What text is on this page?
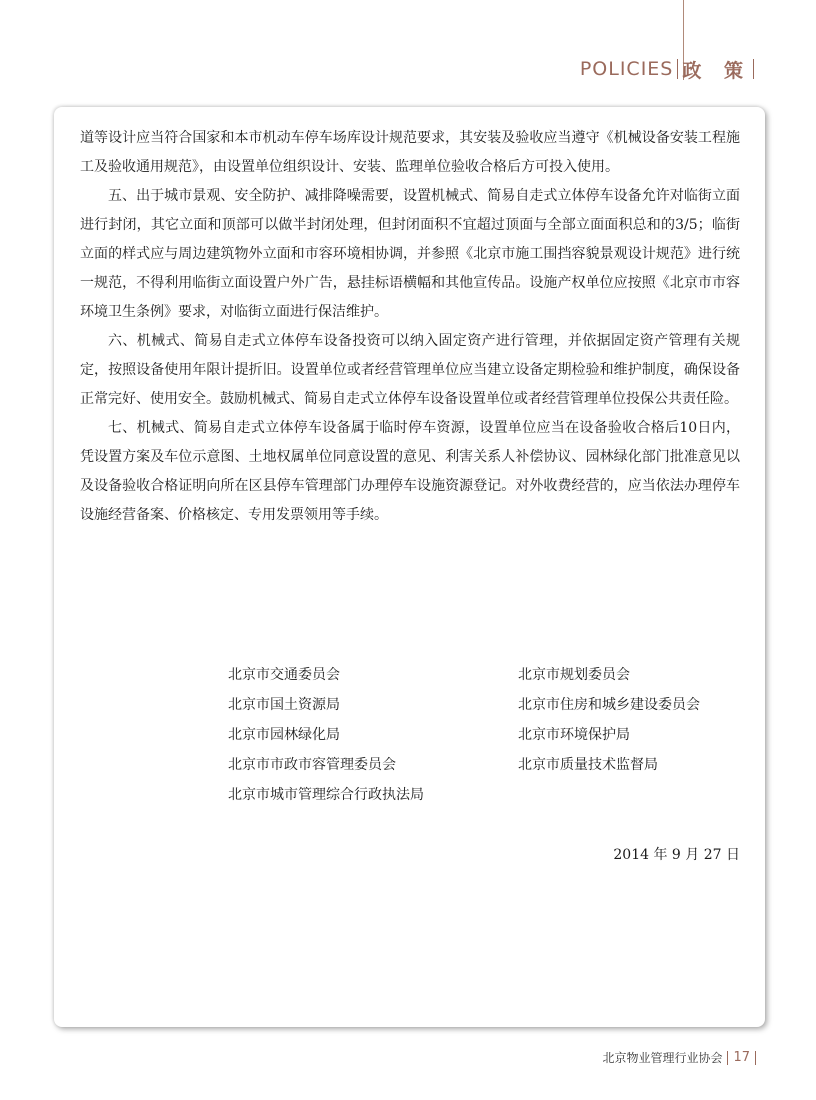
POLICIES 政 策

道等设计应当符合国家和本市机动车停车场库设计规范要求，其安装及验收应当遵守《机械设备安装工程施工及验收通用规范》，由设置单位组织设计、安装、监理单位验收合格后方可投入使用。

五、出于城市景观、安全防护、减排降噪需要，设置机械式、简易自走式立体停车设备允许对临街立面进行封闭，其它立面和顶部可以做半封闭处理，但封闭面积不宜超过顶面与全部立面面积总和的3/5；临街立面的样式应与周边建筑物外立面和市容环境相协调，并参照《北京市施工围挡容貌景观设计规范》进行统一规范，不得利用临街立面设置户外广告，悬挂标语横幅和其他宣传品。设施产权单位应按照《北京市市容环境卫生条例》要求，对临街立面进行保洁维护。

六、机械式、简易自走式立体停车设备投资可以纳入固定资产进行管理，并依据固定资产管理有关规定，按照设备使用年限计提折旧。设置单位或者经营管理单位应当建立设备定期检验和维护制度，确保设备正常完好、使用安全。鼓励机械式、简易自走式立体停车设备设置单位或者经营管理单位投保公共责任险。

七、机械式、简易自走式立体停车设备属于临时停车资源，设置单位应当在设备验收合格后10日内，凭设置方案及车位示意图、土地权属单位同意设置的意见、利害关系人补偿协议、园林绿化部门批准意见以及设备验收合格证明向所在区县停车管理部门办理停车设施资源登记。对外收费经营的，应当依法办理停车设施经营备案、价格核定、专用发票领用等手续。

北京市交通委员会	北京市规划委员会
北京市国土资源局	北京市住房和城乡建设委员会
北京市园林绿化局	北京市环境保护局
北京市市政市容管理委员会	北京市质量技术监督局
北京市城市管理综合行政执法局
2014 年 9 月 27 日
北京物业管理行业协会 17
